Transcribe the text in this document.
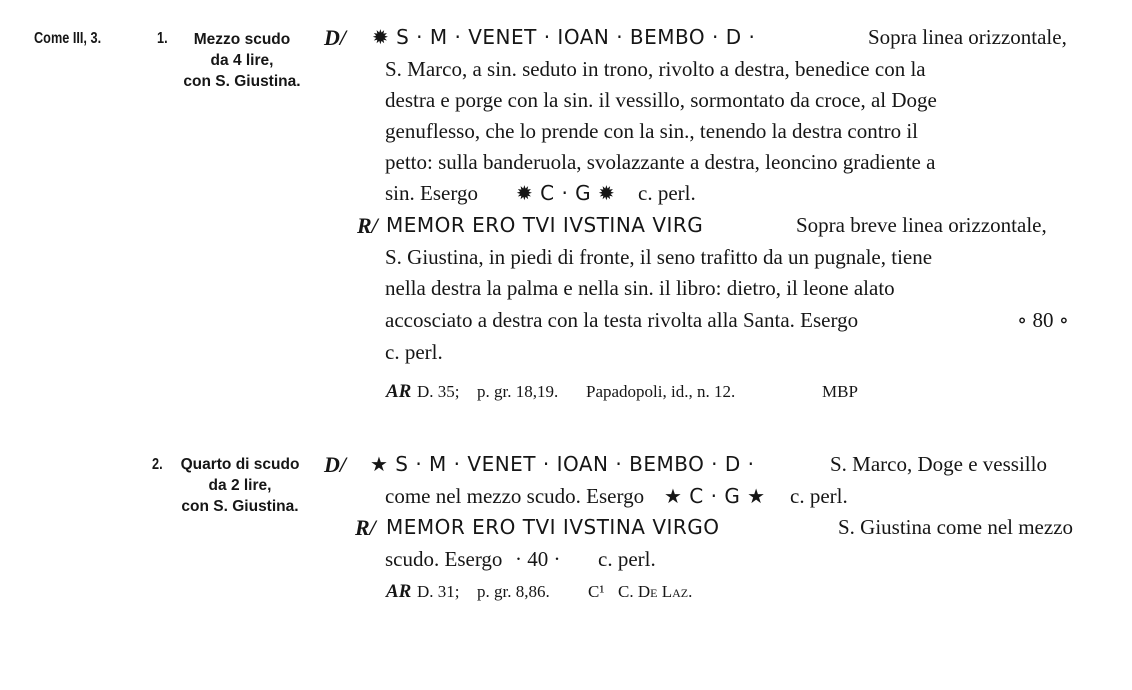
Come III, 3.	1.	Mezzo scudo
da 4 lire,
con S. Giustina.
D/ ✹ S · M · VENET · IOAN · BEMBO · D ·	Sopra linea orizzontale,
S. Marco, a sin. seduto in trono, rivolto a destra, benedice con la
destra e porge con la sin. il vessillo, sormontato da croce, al Doge
genuflesso, che lo prende con la sin., tenendo la destra contro il
petto: sulla banderuola, svolazzante a destra, leoncino gradiente a
sin. Esergo ✹ C · G ✹ c. perl.
R/ MEMOR ERO TVI IVSTINA VIRG	Sopra breve linea orizzontale,
S. Giustina, in piedi di fronte, il seno trafitto da un pugnale, tiene
nella destra la palma e nella sin. il libro: dietro, il leone alato
accosciato a destra con la testa rivolta alla Santa. Esergo	∘ 80 ∘
c. perl.
AR D. 35; p. gr. 18,19. Papadopoli, id., n. 12.	MBP
2.	Quarto di scudo
da 2 lire,
con S. Giustina.
D/ ★ S · M · VENET · IOAN · BEMBO · D ·	S. Marco, Doge e vessillo
come nel mezzo scudo. Esergo ★ C · G ★ c. perl.
R/ MEMOR ERO TVI IVSTINA VIRGO	S. Giustina come nel mezzo
scudo. Esergo · 40 · c. perl.
AR D. 31; p. gr. 8,86. C¹ C. De Laz.
